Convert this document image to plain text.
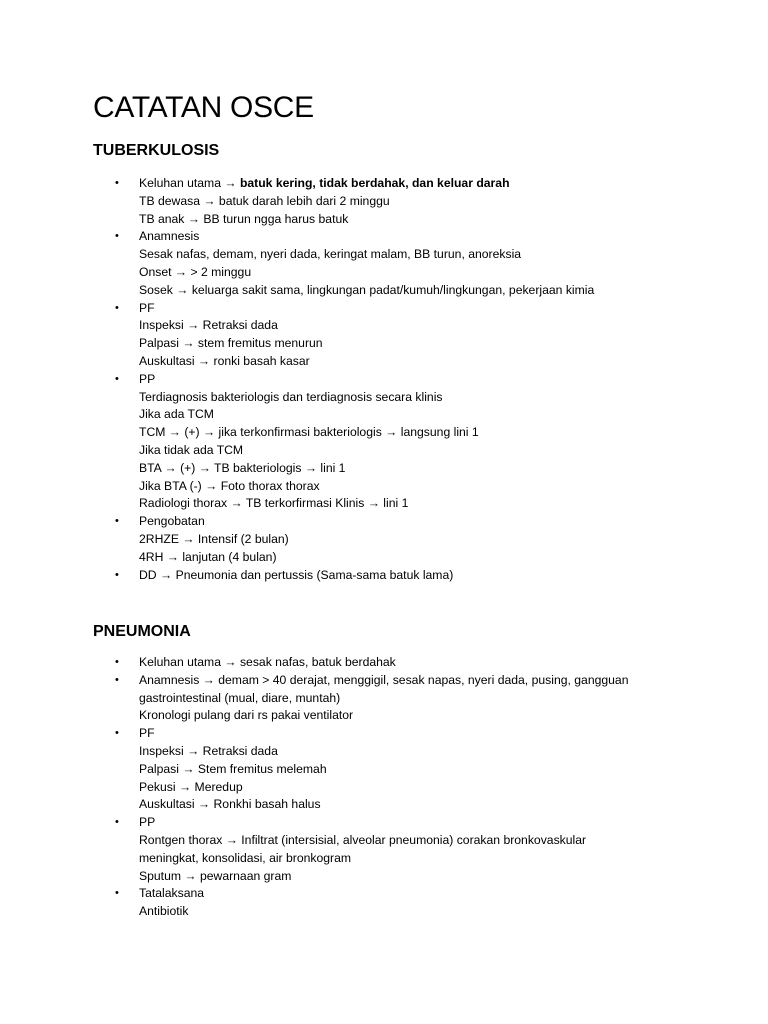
CATATAN OSCE
TUBERKULOSIS
• Keluhan utama → batuk kering, tidak berdahak, dan keluar darah
TB dewasa → batuk darah lebih dari 2 minggu
TB anak → BB turun ngga harus batuk
• Anamnesis
Sesak nafas, demam, nyeri dada, keringat malam, BB turun, anoreksia
Onset → > 2 minggu
Sosek → keluarga sakit sama, lingkungan padat/kumuh/lingkungan, pekerjaan kimia
• PF
Inspeksi → Retraksi dada
Palpasi → stem fremitus menurun
Auskultasi → ronki basah kasar
• PP
Terdiagnosis bakteriologis dan terdiagnosis secara klinis
Jika ada TCM
TCM → (+) → jika terkonfirmasi bakteriologis → langsung lini 1
Jika tidak ada TCM
BTA → (+) → TB bakteriologis → lini 1
Jika BTA (-) → Foto thorax thorax
Radiologi thorax → TB terkorfirmasi Klinis → lini 1
• Pengobatan
2RHZE → Intensif (2 bulan)
4RH → lanjutan (4 bulan)
• DD → Pneumonia dan pertussis (Sama-sama batuk lama)
PNEUMONIA
• Keluhan utama → sesak nafas, batuk berdahak
• Anamnesis → demam > 40 derajat, menggigil, sesak napas, nyeri dada, pusing, gangguan
gastrointestinal (mual, diare, muntah)
Kronologi pulang dari rs pakai ventilator
• PF
Inspeksi → Retraksi dada
Palpasi → Stem fremitus melemah
Pekusi → Meredup
Auskultasi → Ronkhi basah halus
• PP
Rontgen thorax → Infiltrat (intersisial, alveolar pneumonia) corakan bronkovaskular
meningkat, konsolidasi, air bronkogram
Sputum → pewarnaan gram
• Tatalaksana
Antibiotik
